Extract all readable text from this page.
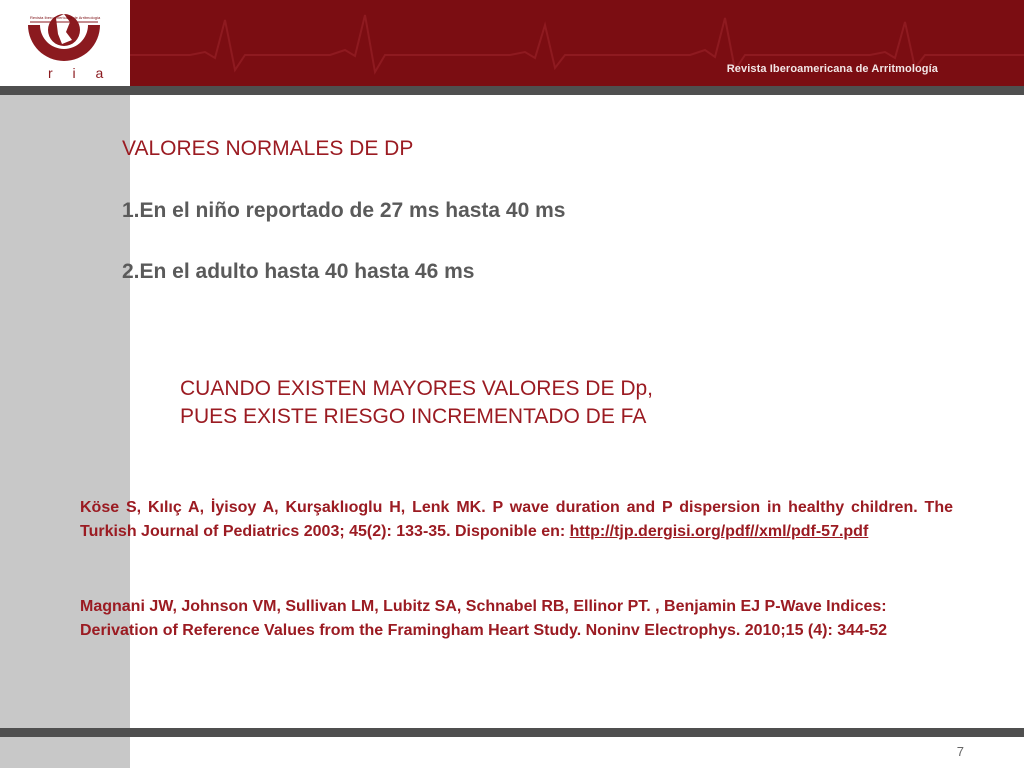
Revista Iberoamericana de Arritmología
r i a	Revista Iberoamericana de Arritmología
7
VALORES NORMALES DE DP
1.En el niño reportado de 27 ms hasta 40 ms
2.En el adulto hasta 40 hasta 46 ms
CUANDO EXISTEN MAYORES VALORES DE Dp,
PUES EXISTE RIESGO INCREMENTADO DE FA
Köse S, Kılıç A, İyisoy A, Kurşaklıoglu H, Lenk MK. P wave duration and P dispersion in healthy children. The Turkish Journal of Pediatrics 2003; 45(2): 133-35. Disponible en: http://tjp.dergisi.org/pdf//xml/pdf-57.pdf
Magnani JW, Johnson VM, Sullivan LM, Lubitz SA, Schnabel RB, Ellinor PT. , Benjamin EJ P-Wave Indices: Derivation of Reference Values from the Framingham Heart Study. Noninv Electrophys. 2010;15 (4): 344-52
